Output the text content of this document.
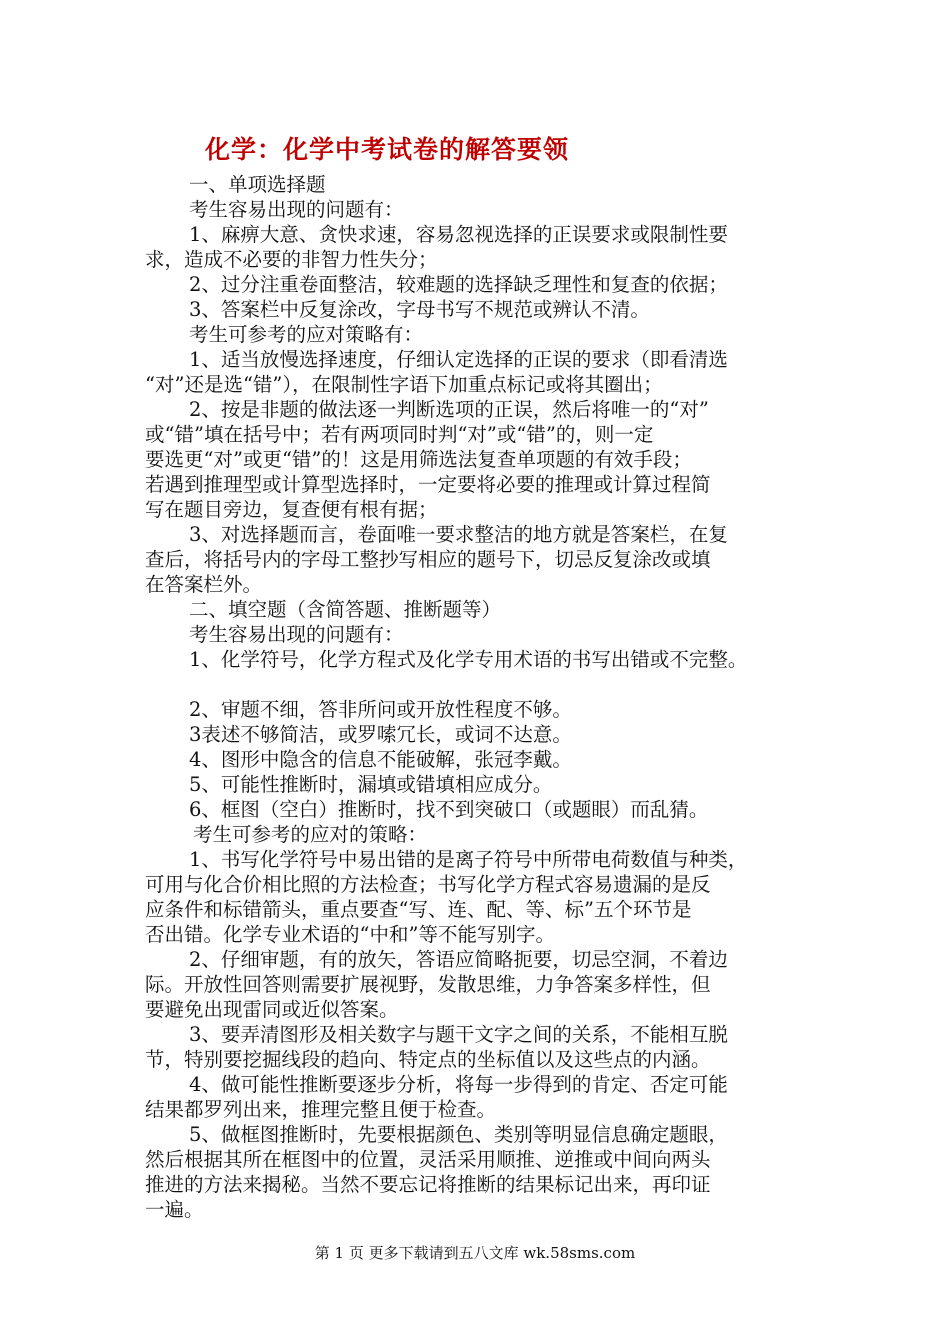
化学：化学中考试卷的解答要领
一、单项选择题
考生容易出现的问题有：
1、麻痹大意、贪快求速，容易忽视选择的正误要求或限制性要
求，造成不必要的非智力性失分；
2、过分注重卷面整洁，较难题的选择缺乏理性和复查的依据；
3、答案栏中反复涂改，字母书写不规范或辨认不清。
考生可参考的应对策略有：
1、适当放慢选择速度，仔细认定选择的正误的要求（即看清选
“对”还是选“错”），在限制性字语下加重点标记或将其圈出；
2、按是非题的做法逐一判断选项的正误，然后将唯一的“对”
或“错”填在括号中；若有两项同时判“对”或“错”的，则一定
要选更“对”或更“错”的！这是用筛选法复查单项题的有效手段；
若遇到推理型或计算型选择时，一定要将必要的推理或计算过程简
写在题目旁边，复查便有根有据；
3、对选择题而言，卷面唯一要求整洁的地方就是答案栏，在复
查后，将括号内的字母工整抄写相应的题号下，切忌反复涂改或填
在答案栏外。
二、填空题（含简答题、推断题等）
考生容易出现的问题有：
1、化学符号，化学方程式及化学专用术语的书写出错或不完整。
2、审题不细，答非所问或开放性程度不够。
3表述不够简洁，或罗嗦冗长，或词不达意。
4、图形中隐含的信息不能破解，张冠李戴。
5、可能性推断时，漏填或错填相应成分。
6、框图（空白）推断时，找不到突破口（或题眼）而乱猜。
考生可参考的应对的策略：
1、书写化学符号中易出错的是离子符号中所带电荷数值与种类，
可用与化合价相比照的方法检查；书写化学方程式容易遗漏的是反
应条件和标错箭头，重点要查“写、连、配、等、标”五个环节是
否出错。化学专业术语的“中和”等不能写别字。
2、仔细审题，有的放矢，答语应简略扼要，切忌空洞，不着边
际。开放性回答则需要扩展视野，发散思维，力争答案多样性，但
要避免出现雷同或近似答案。
3、要弄清图形及相关数字与题干文字之间的关系，不能相互脱
节，特别要挖掘线段的趋向、特定点的坐标值以及这些点的内涵。
4、做可能性推断要逐步分析，将每一步得到的肯定、否定可能
结果都罗列出来，推理完整且便于检查。
5、做框图推断时，先要根据颜色、类别等明显信息确定题眼，
然后根据其所在框图中的位置，灵活采用顺推、逆推或中间向两头
推进的方法来揭秘。当然不要忘记将推断的结果标记出来，再印证
一遍。
第 1 页 更多下载请到五八文库 wk.58sms.com
